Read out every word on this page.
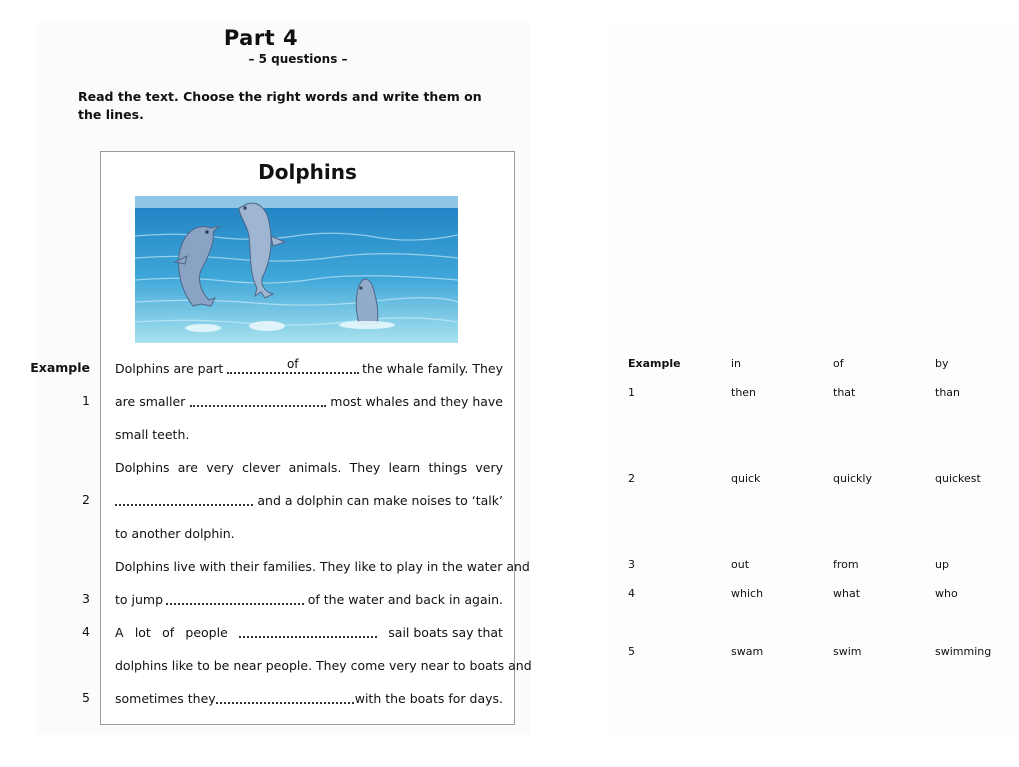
Part 4
– 5 questions –
Read the text. Choose the right words and write them on the lines.
Dolphins
Example
1
2
3
4
5
Dolphins are part	of	the whale family. They
are smaller	most whales and they have
small teeth.
Dolphins are very clever animals. They learn things very
and a dolphin can make noises to ‘talk’
to another dolphin.
Dolphins live with their families. They like to play in the water and
to jump	of the water and back in again.
A lot of people	sail boats say that
dolphins like to be near people. They come very near to boats and
sometimes they	with the boats for days.
Example	in	of	by
1	then	that	than
2	quick	quickly	quickest
3	out	from	up
4	which	what	who
5	swam	swim	swimming
